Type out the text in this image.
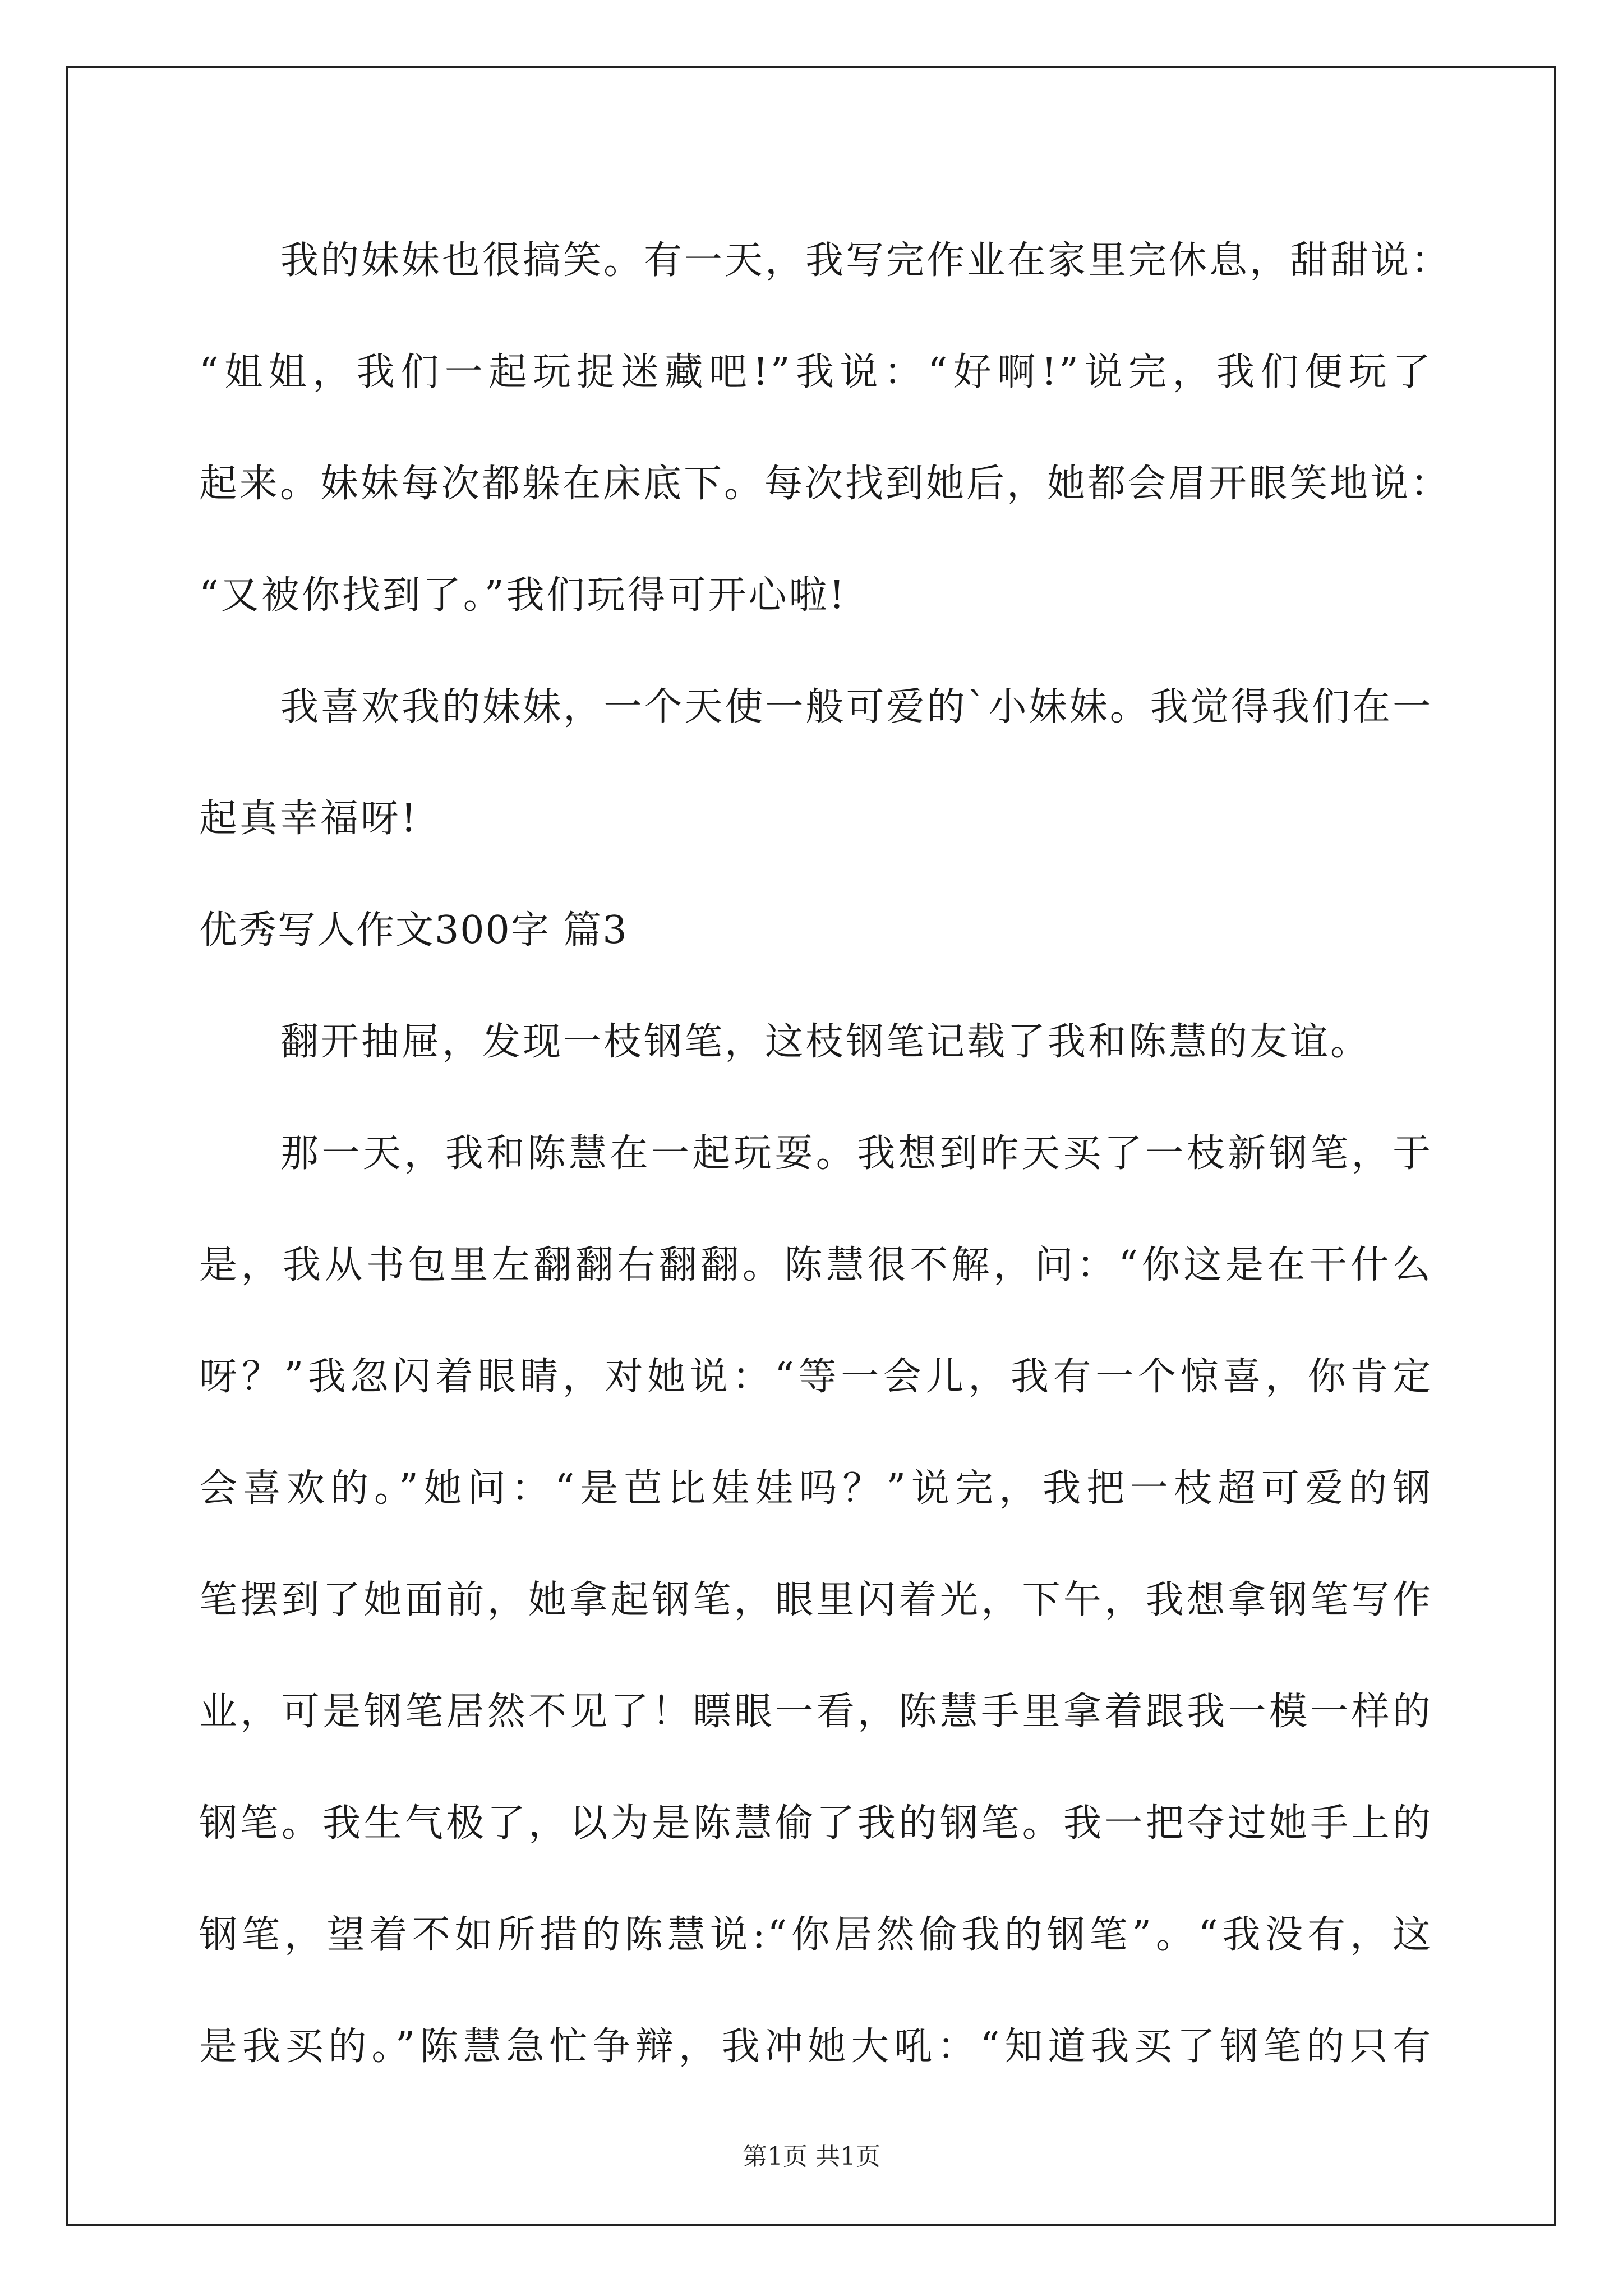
我的妹妹也很搞笑。有一天，我写完作业在家里完休息，甜甜说：
“姐姐，我们一起玩捉迷藏吧!”我说：“好啊!”说完，我们便玩了
起来。妹妹每次都躲在床底下。每次找到她后，她都会眉开眼笑地说：
“又被你找到了。”我们玩得可开心啦!

我喜欢我的妹妹，一个天使一般可爱的`小妹妹。我觉得我们在一
起真幸福呀!

优秀写人作文300字 篇3

翻开抽屉，发现一枝钢笔，这枝钢笔记载了我和陈慧的友谊。

那一天，我和陈慧在一起玩耍。我想到昨天买了一枝新钢笔，于
是，我从书包里左翻翻右翻翻。陈慧很不解，问：“你这是在干什么
呀？”我忽闪着眼睛，对她说：“等一会儿，我有一个惊喜，你肯定
会喜欢的。”她问：“是芭比娃娃吗？”说完，我把一枝超可爱的钢
笔摆到了她面前，她拿起钢笔，眼里闪着光，下午，我想拿钢笔写作
业，可是钢笔居然不见了！瞟眼一看，陈慧手里拿着跟我一模一样的
钢笔。我生气极了，以为是陈慧偷了我的钢笔。我一把夺过她手上的
钢笔，望着不如所措的陈慧说:“你居然偷我的钢笔”。“我没有，这
是我买的。”陈慧急忙争辩，我冲她大吼：“知道我买了钢笔的只有

第1页 共1页
